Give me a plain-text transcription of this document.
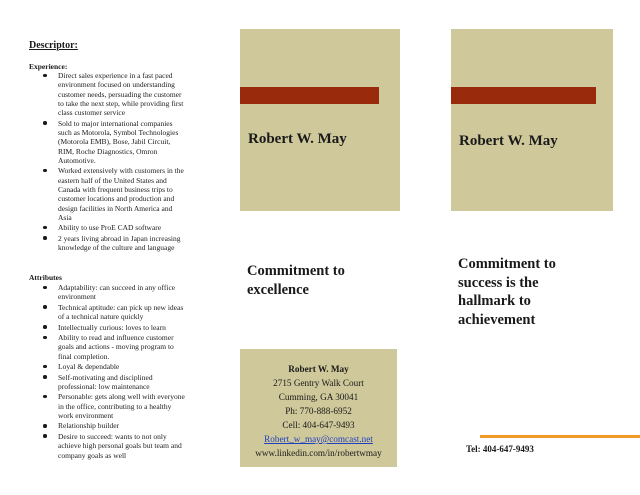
Descriptor:
Experience:
Direct sales experience in a fast paced environment focused on understanding customer needs, persuading the customer to take the next step, while providing first class customer service
Sold to major international companies such as Motorola, Symbol Technologies (Motorola EMB), Bose, Jabil Circuit, RIM, Roche Diagnostics, Omron Automotive.
Worked extensively with customers in the eastern half of the United States and Canada with frequent business trips to customer locations and production and design facilities in North America and Asia
Ability to use ProE CAD software
2 years living abroad in Japan increasing knowledge of the culture and language
Attributes
Adaptability: can succeed in any office environment
Technical aptitude: can pick up new ideas of a technical nature quickly
Intellectually curious: loves to learn
Ability to read and influence customer goals and actions - moving program to final completion.
Loyal & dependable
Self-motivating and disciplined professional: low maintenance
Personable: gets along well with everyone in the office, contributing to a healthy work environment
Relationship builder
Desire to succeed: wants to not only achieve high personal goals but team and company goals as well
Robert W. May
Commitment to excellence
Robert W. May
2715 Gentry Walk Court
Cumming, GA 30041
Ph: 770-888-6952
Cell: 404-647-9493
Robert_w_may@comcast.net
www.linkedin.com/in/robertwmay
Robert W. May
Commitment to success is the hallmark to achievement
Tel: 404-647-9493
